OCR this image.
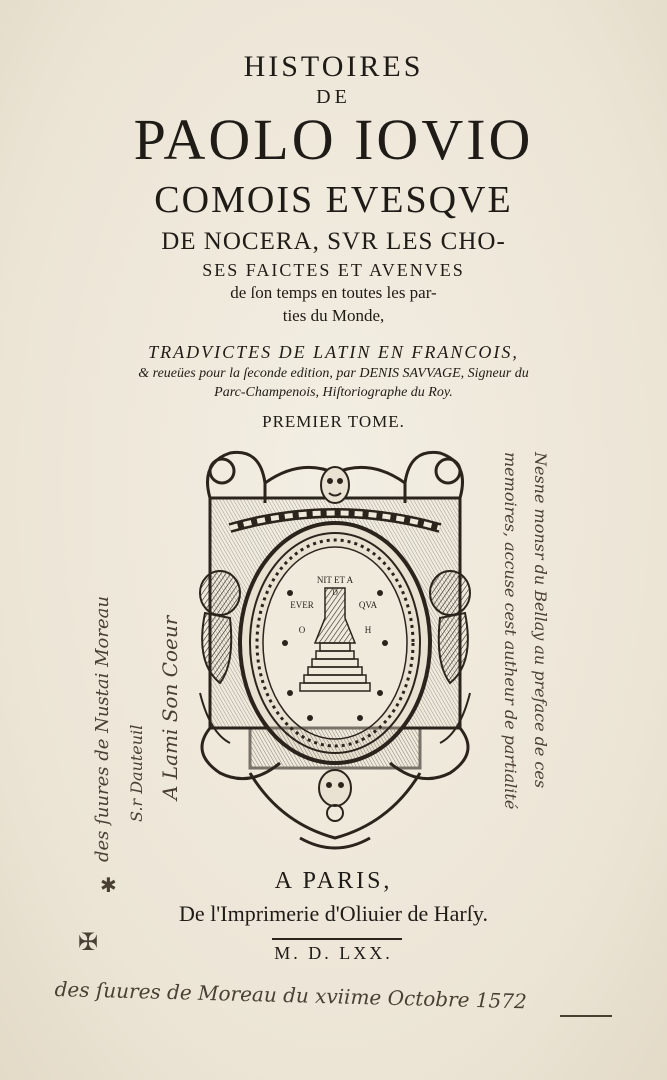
HISTOIRES
DE
PAOLO IOVIO
COMOIS EVESQVE
DE NOCERA, SVR LES CHO-
SES FAICTES ET AVENVES
de ſon temps en toutes les par-
ties du Monde,
TRADVICTES DE LATIN EN FRANCOIS,
& reueües pour la ſeconde edition, par DENIS SAVVAGE, Signeur du
Parc-Champenois, Hiſtoriographe du Roy.
PREMIER TOME.
NIT ET A
EVER	QVA
O	H
A PARIS,
De l'Imprimerie d'Oliuier de Harſy.
M. D. LXX.
des ſuures de Nustai Moreau S.r Dauteuil A Lami Son Coeur	Nesne monsr du Bellay au preface de ces memoires, accuse cest autheur de partialité
des ſuures de Moreau du xviime Octobre 1572
✱
✠
